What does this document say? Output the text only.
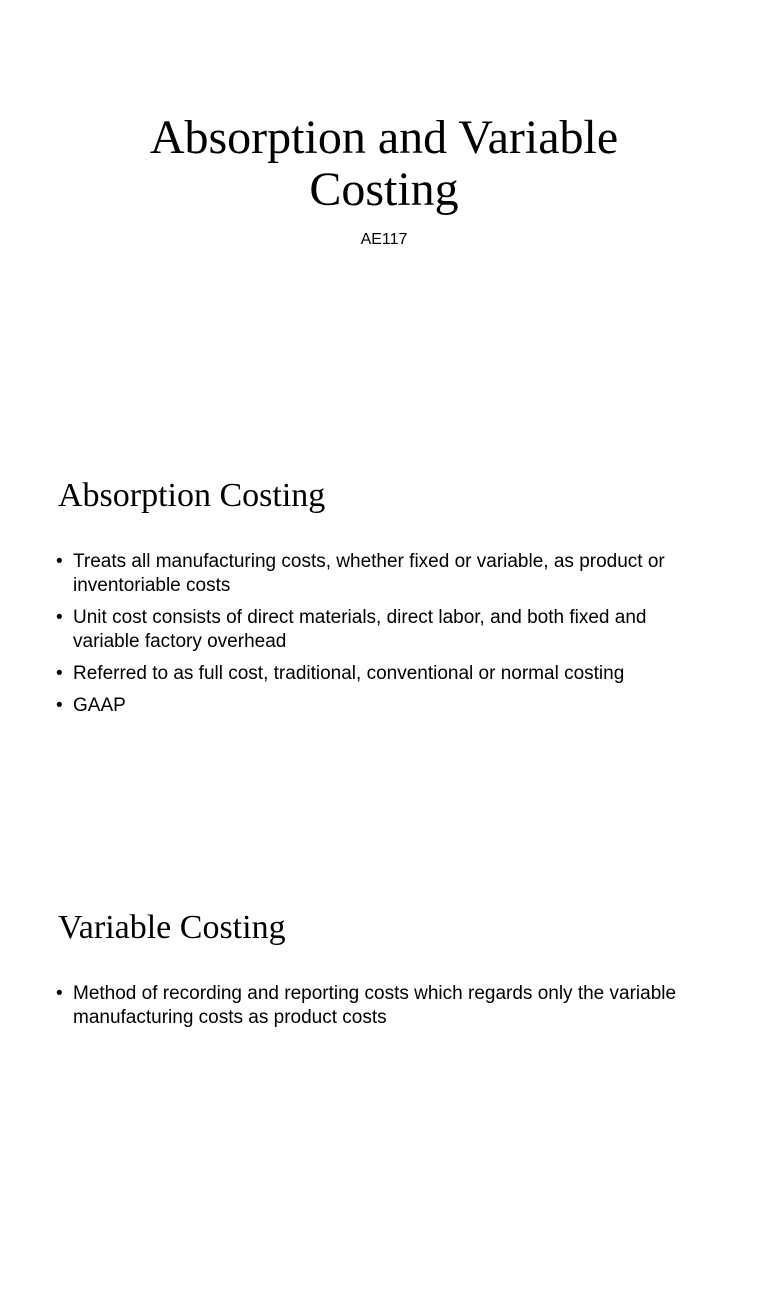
Absorption and Variable
Costing

AE117

Absorption Costing
• Treats all manufacturing costs, whether fixed or variable, as product or inventoriable costs
• Unit cost consists of direct materials, direct labor, and both fixed and variable factory overhead
• Referred to as full cost, traditional, conventional or normal costing
• GAAP
Variable Costing
• Method of recording and reporting costs which regards only the variable manufacturing costs as product costs
